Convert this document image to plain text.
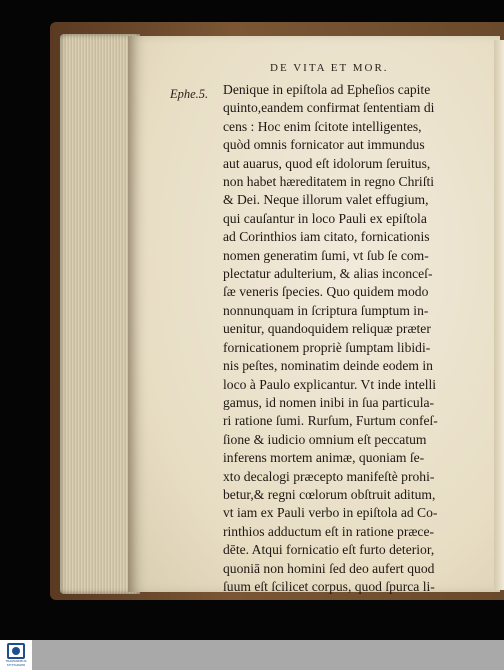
DE VITA ET MOR.
Ephe.5. Denique in epiſtola ad Epheſios capite
quinto,eandem confirmat ſententiam di
cens : Hoc enim ſcitote intelligentes,
quòd omnis fornicator aut immundus
aut auarus, quod eſt idolorum ſeruitus,
non habet hæreditatem in regno Chriſti
& Dei. Neque illorum valet effugium,
qui cauſantur in loco Pauli ex epiſtola
ad Corinthios iam citato, fornicationis
nomen generatim ſumi, vt ſub ſe com-
plectatur adulterium, & alias inconceſ-
ſæ veneris ſpecies. Quo quidem modo
nonnunquam in ſcriptura ſumptum in-
uenitur, quandoquidem reliquæ præter
fornicationem propriè ſumptam libidi-
nis peſtes, nominatim deinde eodem in
loco à Paulo explicantur. Vt inde intelli
gamus, id nomen inibi in ſua particula-
ri ratione ſumi. Rurſum, Furtum confeſ-
ſione & iudicio omnium eſt peccatum
inferens mortem animæ, quoniam ſe-
xto decalogi præcepto manifeſtè prohi-
betur,& regni cœlorum obſtruit aditum,
vt iam ex Pauli verbo in epiſtola ad Co-
rinthios adductum eſt in ratione præce-
dēte. Atqui fornicatio eſt furto deterior,
quoniā non homini ſed deo aufert quod
ſuum eſt ſcilicet corpus, quod ſpurca li-
TRANSKRIBUS
STITTARGER
